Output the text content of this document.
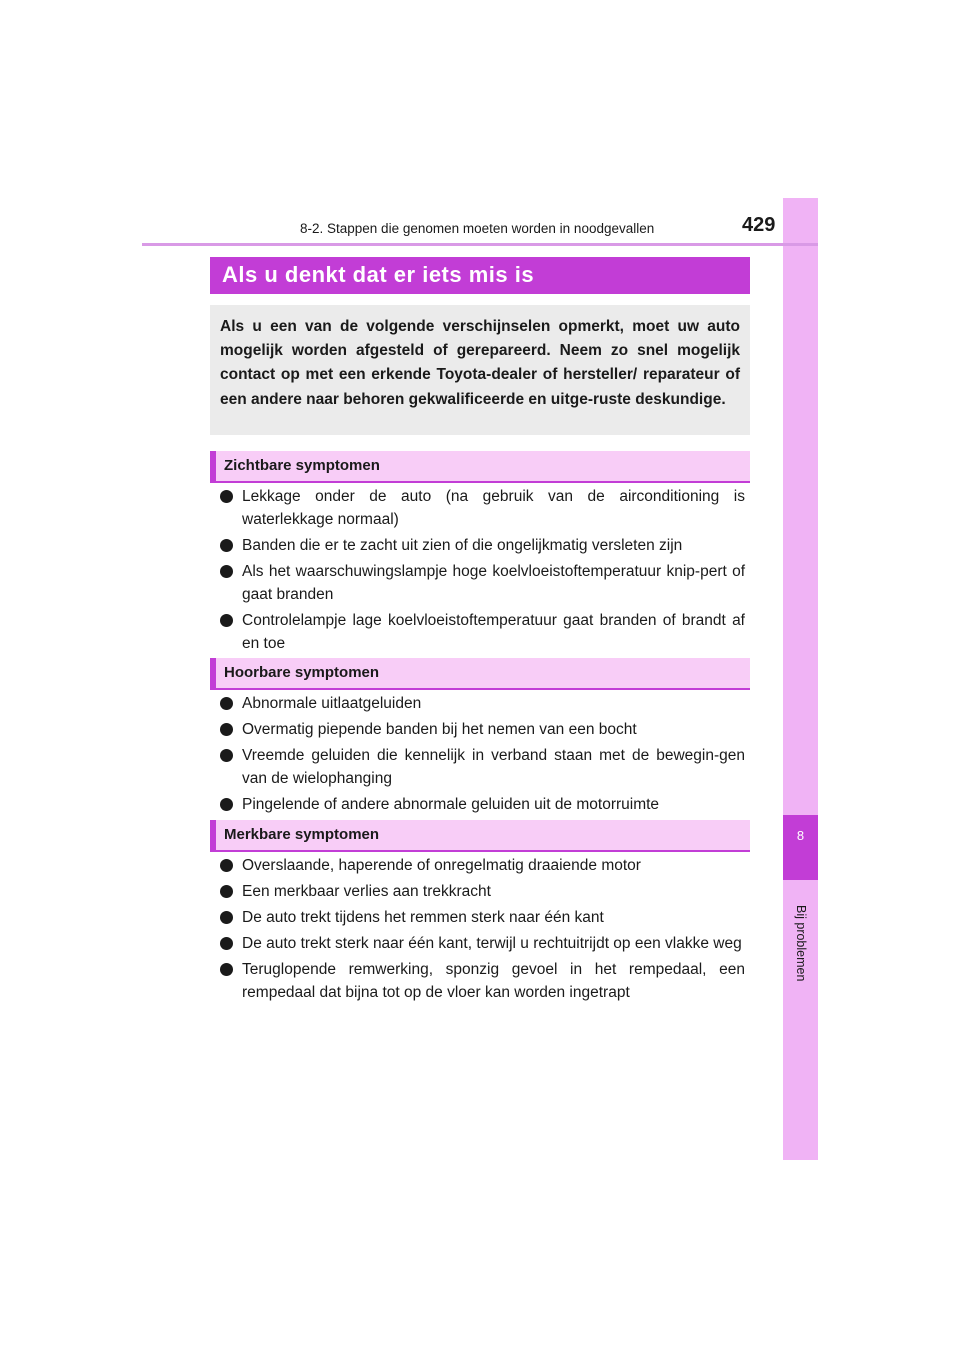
8
Bij problemen
8-2. Stappen die genomen moeten worden in noodgevallen	429
Als u denkt dat er iets mis is

Als u een van de volgende verschijnselen opmerkt, moet uw auto mogelijk worden afgesteld of gerepareerd. Neem zo snel mogelijk contact op met een erkende Toyota-dealer of hersteller/ reparateur of een andere naar behoren gekwalificeerde en uitge-ruste deskundige.

Zichtbare symptomen
Lekkage onder de auto (na gebruik van de airconditioning is waterlekkage normaal)
Banden die er te zacht uit zien of die ongelijkmatig versleten zijn
Als het waarschuwingslampje hoge koelvloeistoftemperatuur knip-pert of gaat branden
Controlelampje lage koelvloeistoftemperatuur gaat branden of brandt af en toe
Hoorbare symptomen
Abnormale uitlaatgeluiden
Overmatig piepende banden bij het nemen van een bocht
Vreemde geluiden die kennelijk in verband staan met de bewegin-gen van de wielophanging
Pingelende of andere abnormale geluiden uit de motorruimte
Merkbare symptomen
Overslaande, haperende of onregelmatig draaiende motor
Een merkbaar verlies aan trekkracht
De auto trekt tijdens het remmen sterk naar één kant
De auto trekt sterk naar één kant, terwijl u rechtuitrijdt op een vlakke weg
Teruglopende remwerking, sponzig gevoel in het rempedaal, een rempedaal dat bijna tot op de vloer kan worden ingetrapt
